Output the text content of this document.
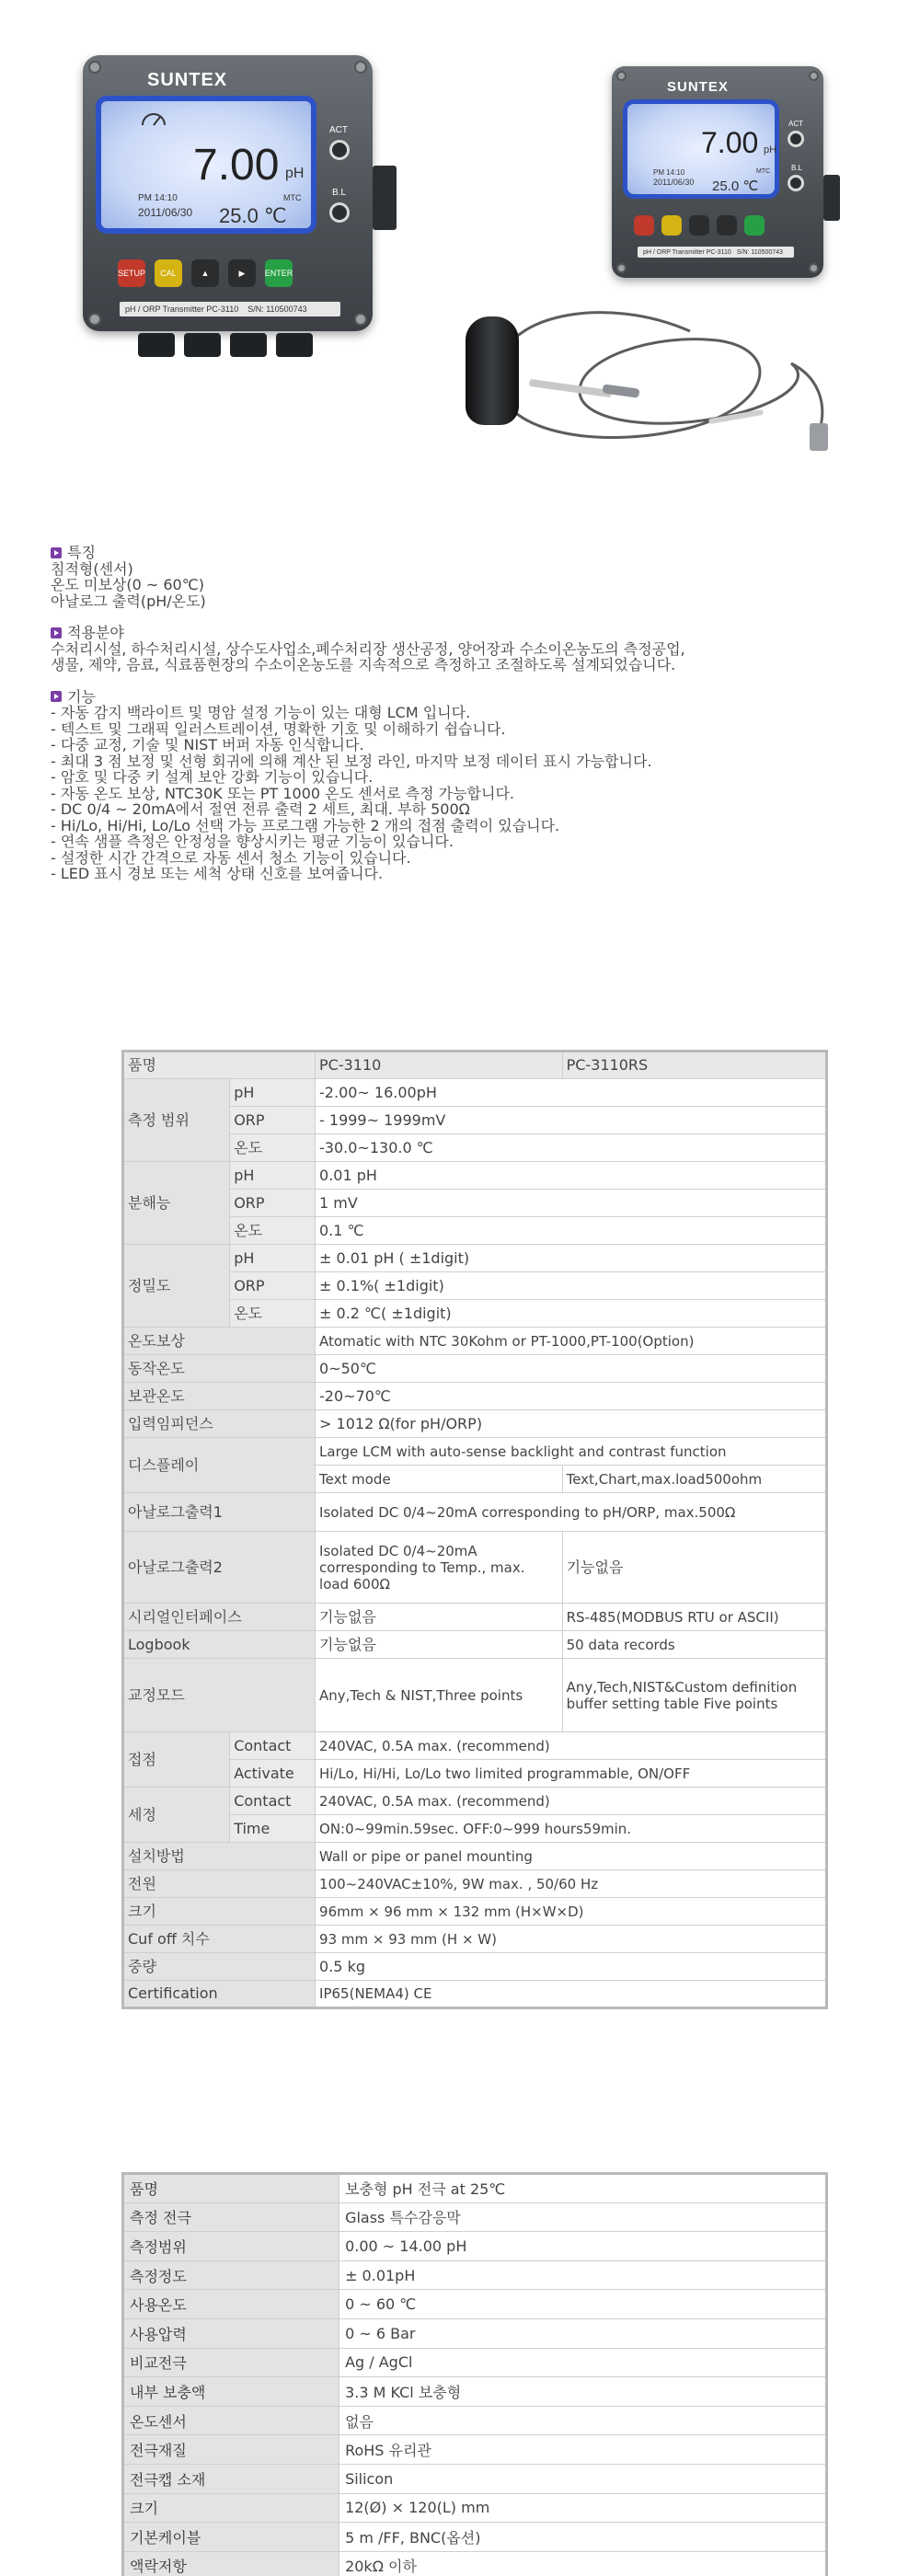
SUNTEX
7.00 pH
PM 14:10
2011/06/30
MTC
25.0 ℃
ACT
B.L
SETUP	CAL	▲	▶	ENTER
pH / ORP Transmitter PC-3110 S/N: 110500743
SUNTEX
7.00 pH
PM 14:10
2011/06/30
MTC
25.0 ℃
ACT
B.L
pH / ORP Transmitter PC-3110 S/N: 110500743
특징
침적형(센서)
온도 미보상(0 ~ 60℃)
아날로그 출력(pH/온도)
적용분야
수처리시설, 하수처리시설, 상수도사업소,폐수처리장 생산공정, 양어장과 수소이온농도의 측정공업,
생물, 제약, 음료, 식료품현장의 수소이온농도를 지속적으로 측정하고 조절하도록 설계되었습니다.
기능
- 자동 감지 백라이트 및 명암 설정 기능이 있는 대형 LCM 입니다.
- 텍스트 및 그래픽 일러스트레이션, 명확한 기호 및 이해하기 쉽습니다.
- 다중 교정, 기술 및 NIST 버퍼 자동 인식합니다.
- 최대 3 점 보정 및 선형 회귀에 의해 계산 된 보정 라인, 마지막 보정 데이터 표시 가능합니다.
- 암호 및 다중 키 설계 보안 강화 기능이 있습니다.
- 자동 온도 보상, NTC30K 또는 PT 1000 온도 센서로 측정 가능합니다.
- DC 0/4 ~ 20mA에서 절연 전류 출력 2 세트, 최대. 부하 500Ω
- Hi/Lo, Hi/Hi, Lo/Lo 선택 가능 프로그램 가능한 2 개의 접점 출력이 있습니다.
- 연속 샘플 측정은 안정성을 향상시키는 평균 기능이 있습니다.
- 설정한 시간 간격으로 자동 센서 청소 기능이 있습니다.
- LED 표시 경보 또는 세척 상태 신호를 보여줍니다.
품명		PC-3110	PC-3110RS
측정 범위	pH	-2.00~ 16.00pH	
	ORP	- 1999~ 1999mV	
	온도	-30.0~130.0 ℃	
분해능	pH	0.01 pH	
	ORP	1 mV	
	온도	0.1 ℃	
정밀도	pH	± 0.01 pH ( ±1digit)	
	ORP	± 0.1%( ±1digit)	
	온도	± 0.2 ℃( ±1digit)	
온도보상		Atomatic with NTC 30Kohm or PT-1000,PT-100(Option)	
동작온도		0~50℃	
보관온도		-20~70℃	
입력임피던스		> 1012 Ω(for pH/ORP)	
디스플레이		Large LCM with auto-sense backlight and contrast function	
		Text mode	Text,Chart,max.load500ohm
아날로그출력1		Isolated DC 0/4~20mA corresponding to pH/ORP, max.500Ω	
아날로그출력2		Isolated DC 0/4~20mA corresponding to Temp., max. load 600Ω	기능없음
시리얼인터페이스		기능없음	RS-485(MODBUS RTU or ASCII)
Logbook		기능없음	50 data records
교정모드		Any,Tech & NIST,Three points	Any,Tech,NIST&Custom definition buffer setting table Five points
접점	Contact	240VAC, 0.5A max. (recommend)	
	Activate	Hi/Lo, Hi/Hi, Lo/Lo two limited programmable, ON/OFF	
세정	Contact	240VAC, 0.5A max. (recommend)	
	Time	ON:0~99min.59sec. OFF:0~999 hours59min.	
설치방법		Wall or pipe or panel mounting	
전원		100~240VAC±10%, 9W max. , 50/60 Hz	
크기		96mm × 96 mm × 132 mm (H×W×D)	
Cuf off 치수		93 mm × 93 mm (H × W)	
중량		0.5 kg	
Certification		IP65(NEMA4) CE	
품명	보충형 pH 전극 at 25℃
측정 전극	Glass 특수감응막
측정범위	0.00 ~ 14.00 pH
측정정도	± 0.01pH
사용온도	0 ~ 60 ℃
사용압력	0 ~ 6 Bar
비교전극	Ag / AgCl
내부 보충액	3.3 M KCl 보충형
온도센서	없음
전극재질	RoHS 유리관
전극캡 소재	Silicon
크기	12(Ø) × 120(L) mm
기본케이블	5 m /FF, BNC(옵션)
액락저항	20kΩ 이하
